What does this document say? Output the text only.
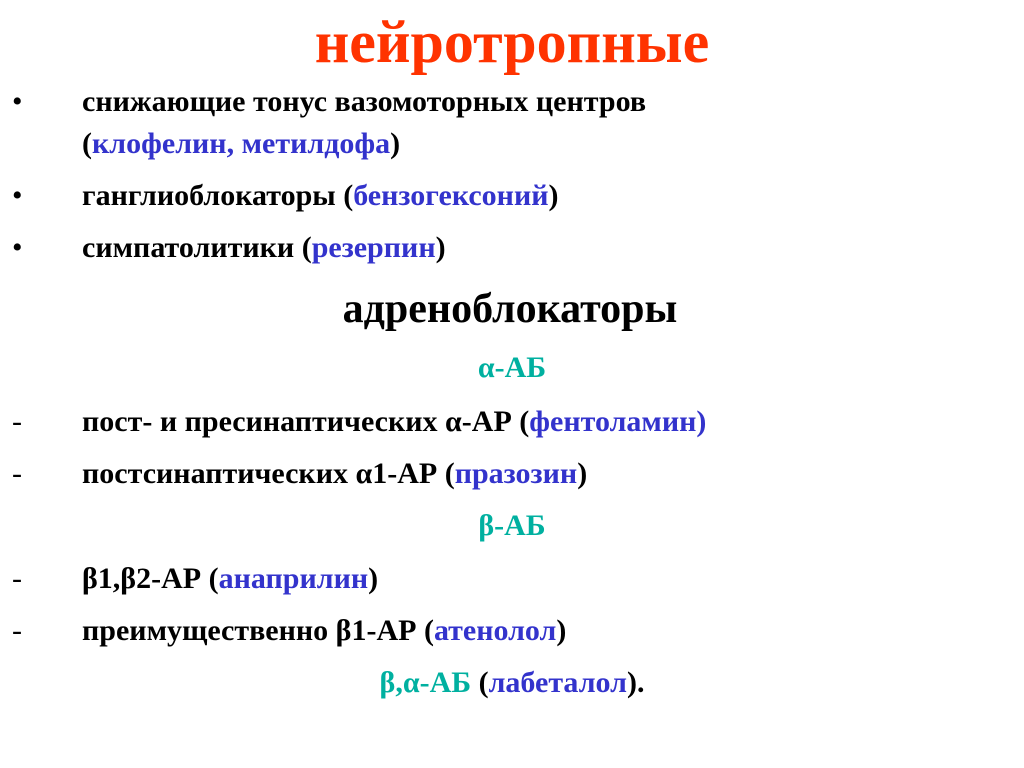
нейротропные
• снижающие тонус вазомоторных центров
(клофелин, метилдофа)
• ганглиоблокаторы (бензогексоний)
• симпатолитики (резерпин)
адреноблокаторы
α-АБ
- пост- и пресинаптических α-АР (фентоламин)
- постсинаптических α1-АР (празозин)
β-АБ
- β1,β2-АР (анаприлин)
- преимущественно β1-АР (атенолол)
β,α-АБ (лабеталол).
